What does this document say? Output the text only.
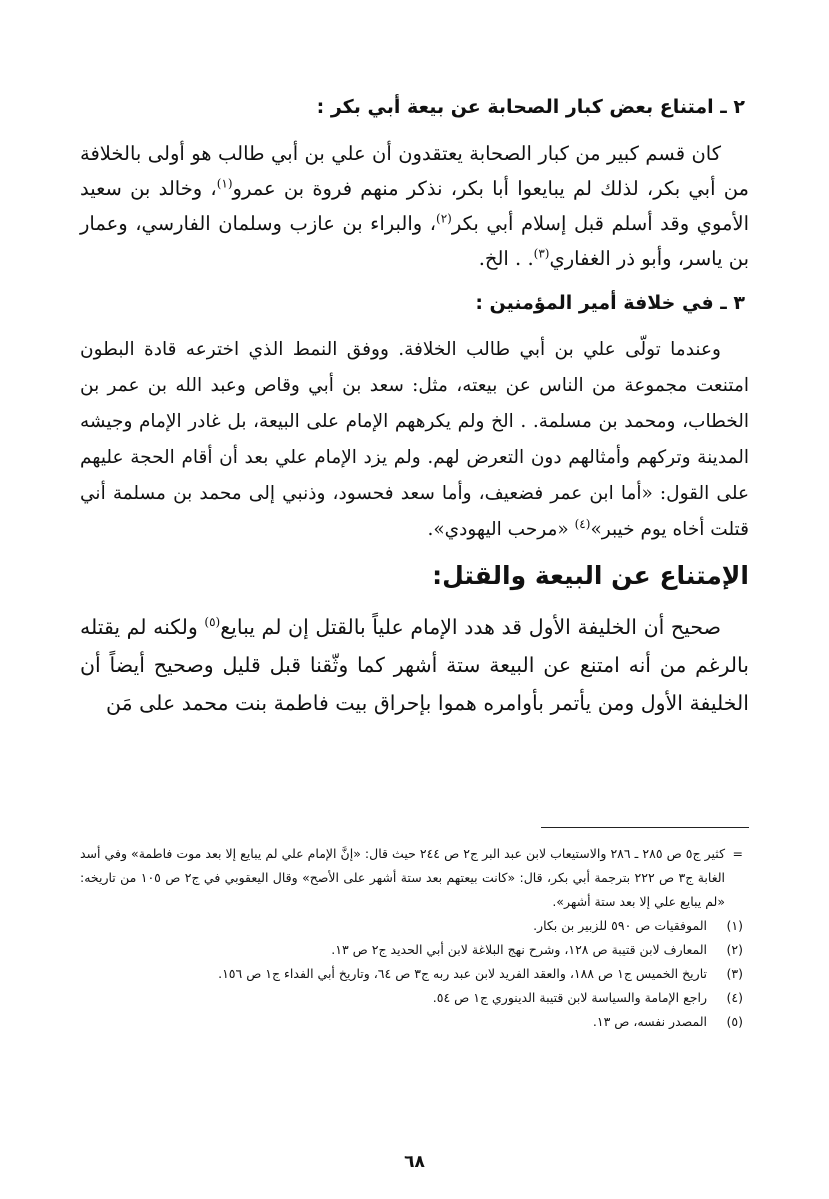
٢ ـ امتناع بعض كبار الصحابة عن بيعة أبي بكر :

كان قسم كبير من كبار الصحابة يعتقدون أن علي بن أبي طالب هو أولى بالخلافة من أبي بكر، لذلك لم يبايعوا أبا بكر، نذكر منهم فروة بن عمرو$^{(١)}$، وخالد بن سعيد الأموي وقد أسلم قبل إسلام أبي بكر$^{(٢)}$، والبراء بن عازب وسلمان الفارسي، وعمار بن ياسر، وأبو ذر الغفاري$^{(٣)}$. . الخ.

٣ ـ في خلافة أمير المؤمنين :

وعندما تولّى علي بن أبي طالب الخلافة. ووفق النمط الذي اخترعه قادة البطون امتنعت مجموعة من الناس عن بيعته، مثل: سعد بن أبي وقاص وعبد الله بن عمر بن الخطاب، ومحمد بن مسلمة. . الخ ولم يكرههم الإمام على البيعة، بل غادر الإمام وجيشه المدينة وتركهم وأمثالهم دون التعرض لهم. ولم يزد الإمام علي بعد أن أقام الحجة عليهم على القول: «أما ابن عمر فضعيف، وأما سعد فحسود، وذنبي إلى محمد بن مسلمة أني قتلت أخاه يوم خيبر»$^{(٤)}$ «مرحب اليهودي».

الإمتناع عن البيعة والقتل:

صحيح أن الخليفة الأول قد هدد الإمام علياً بالقتل إن لم يبايع$^{(٥)}$ ولكنه لم يقتله بالرغم من أنه امتنع عن البيعة ستة أشهر كما وثّقنا قبل قليل وصحيح أيضاً أن الخليفة الأول ومن يأتمر بأوامره هموا بإحراق بيت فاطمة بنت محمد على مَن

=
كثير ج٥ ص ٢٨٥ ـ ٢٨٦ والاستيعاب لابن عبد البر ج٢ ص ٢٤٤ حيث قال: «إنَّ الإمام علي لم يبايع إلا بعد موت فاطمة» وفي أسد الغابة ج٣ ص ٢٢٢ بترجمة أبي بكر، قال: «كانت بيعتهم بعد ستة أشهر على الأصح» وقال اليعقوبي في ج٢ ص ١٠٥ من تاريخه: «لم يبايع علي إلا بعد ستة أشهر».
(١)
الموفقيات ص ٥٩٠ للزبير بن بكار.
(٢)
المعارف لابن قتيبة ص ١٢٨، وشرح نهج البلاغة لابن أبي الحديد ج٢ ص ١٣.
(٣)
تاريخ الخميس ج١ ص ١٨٨، والعقد الفريد لابن عبد ربه ج٣ ص ٦٤، وتاريخ أبي الفداء ج١ ص ١٥٦.
(٤)
راجع الإمامة والسياسة لابن قتيبة الدينوري ج١ ص ٥٤.
(٥)
المصدر نفسه، ص ١٣.
٦٨
